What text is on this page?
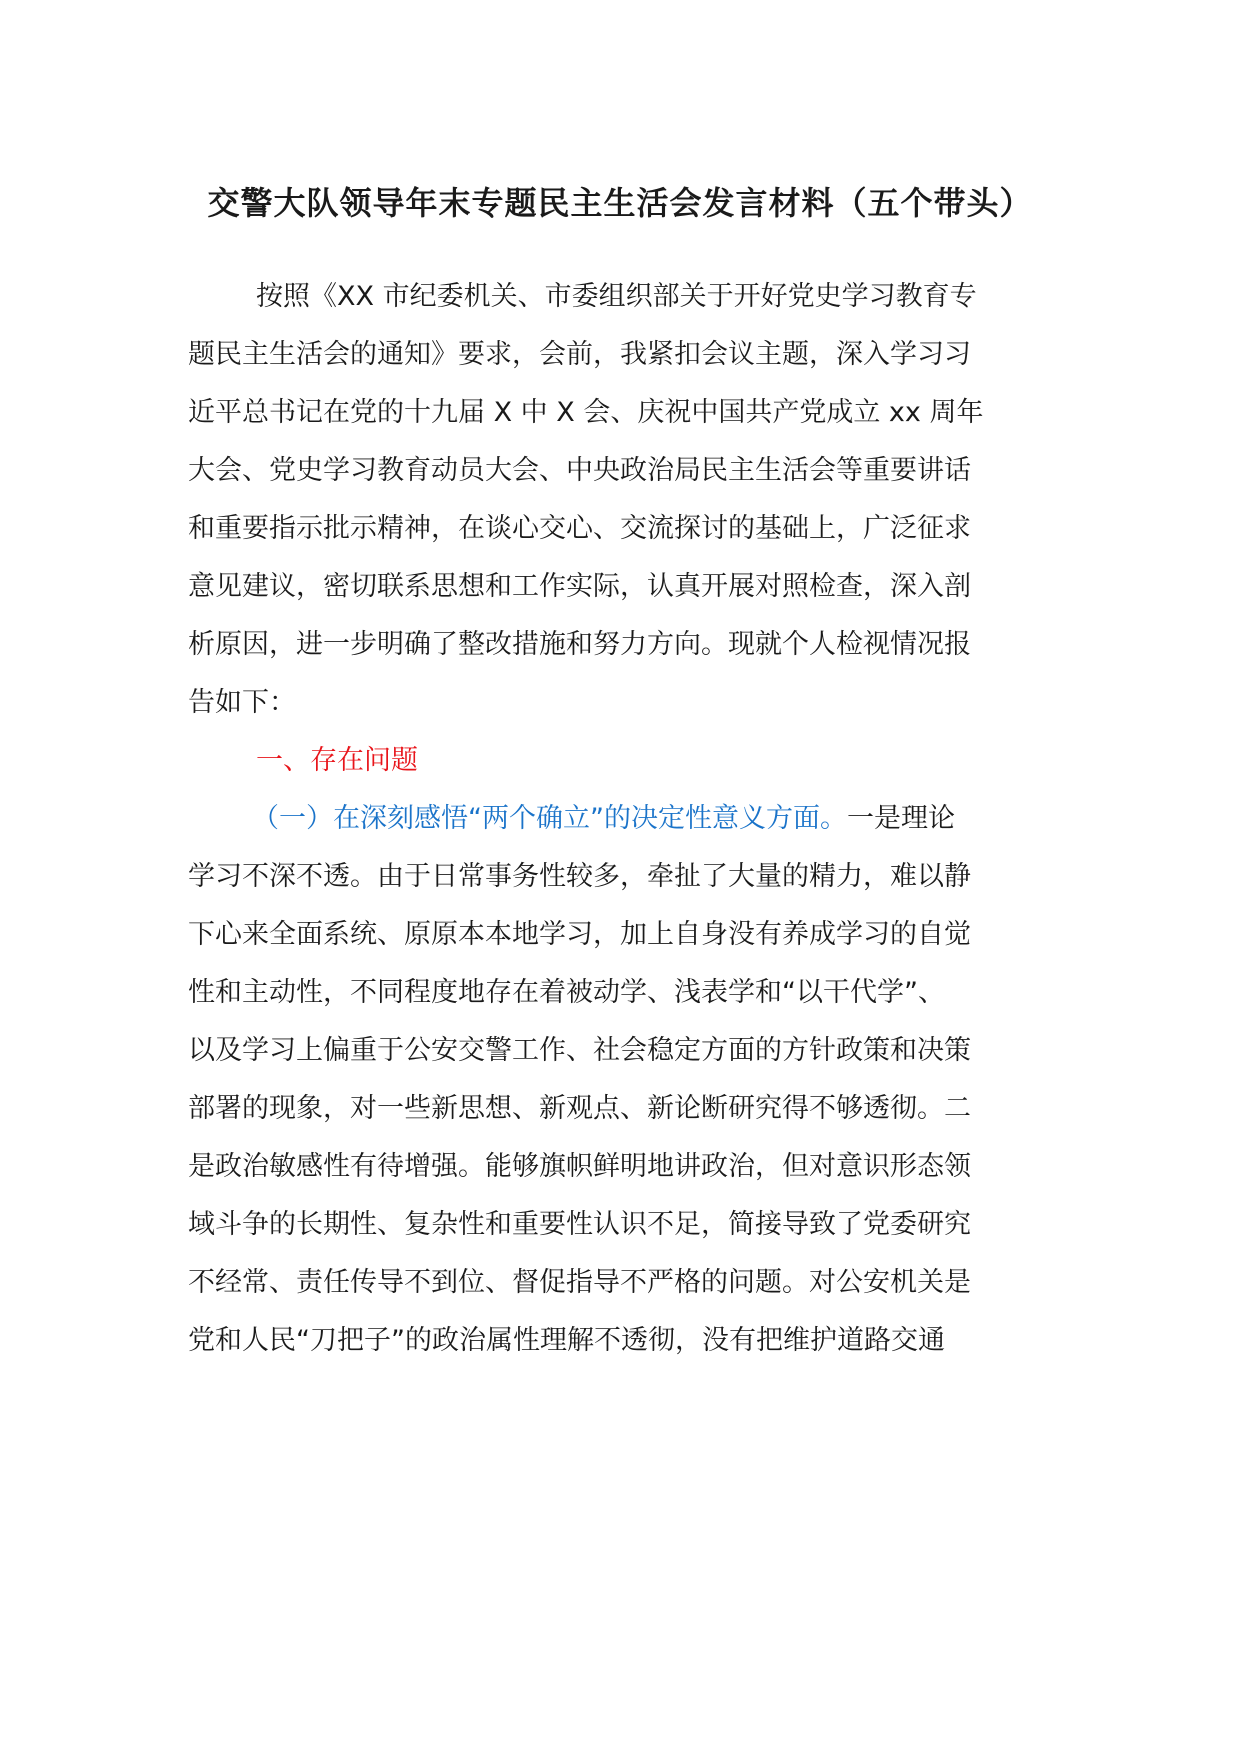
交警大队领导年末专题民主生活会发言材料（五个带头）
按照《XX 市纪委机关、市委组织部关于开好党史学习教育专
题民主生活会的通知》要求，会前，我紧扣会议主题，深入学习习
近平总书记在党的十九届 X 中 X 会、庆祝中国共产党成立 xx 周年
大会、党史学习教育动员大会、中央政治局民主生活会等重要讲话
和重要指示批示精神，在谈心交心、交流探讨的基础上，广泛征求
意见建议，密切联系思想和工作实际，认真开展对照检查，深入剖
析原因，进一步明确了整改措施和努力方向。现就个人检视情况报
告如下：
一、存在问题
（一）在深刻感悟“两个确立”的决定性意义方面。一是理论
学习不深不透。由于日常事务性较多，牵扯了大量的精力，难以静
下心来全面系统、原原本本地学习，加上自身没有养成学习的自觉
性和主动性，不同程度地存在着被动学、浅表学和“以干代学”、
以及学习上偏重于公安交警工作、社会稳定方面的方针政策和决策
部署的现象，对一些新思想、新观点、新论断研究得不够透彻。二
是政治敏感性有待增强。能够旗帜鲜明地讲政治，但对意识形态领
域斗争的长期性、复杂性和重要性认识不足，简接导致了党委研究
不经常、责任传导不到位、督促指导不严格的问题。对公安机关是
党和人民“刀把子”的政治属性理解不透彻，没有把维护道路交通
